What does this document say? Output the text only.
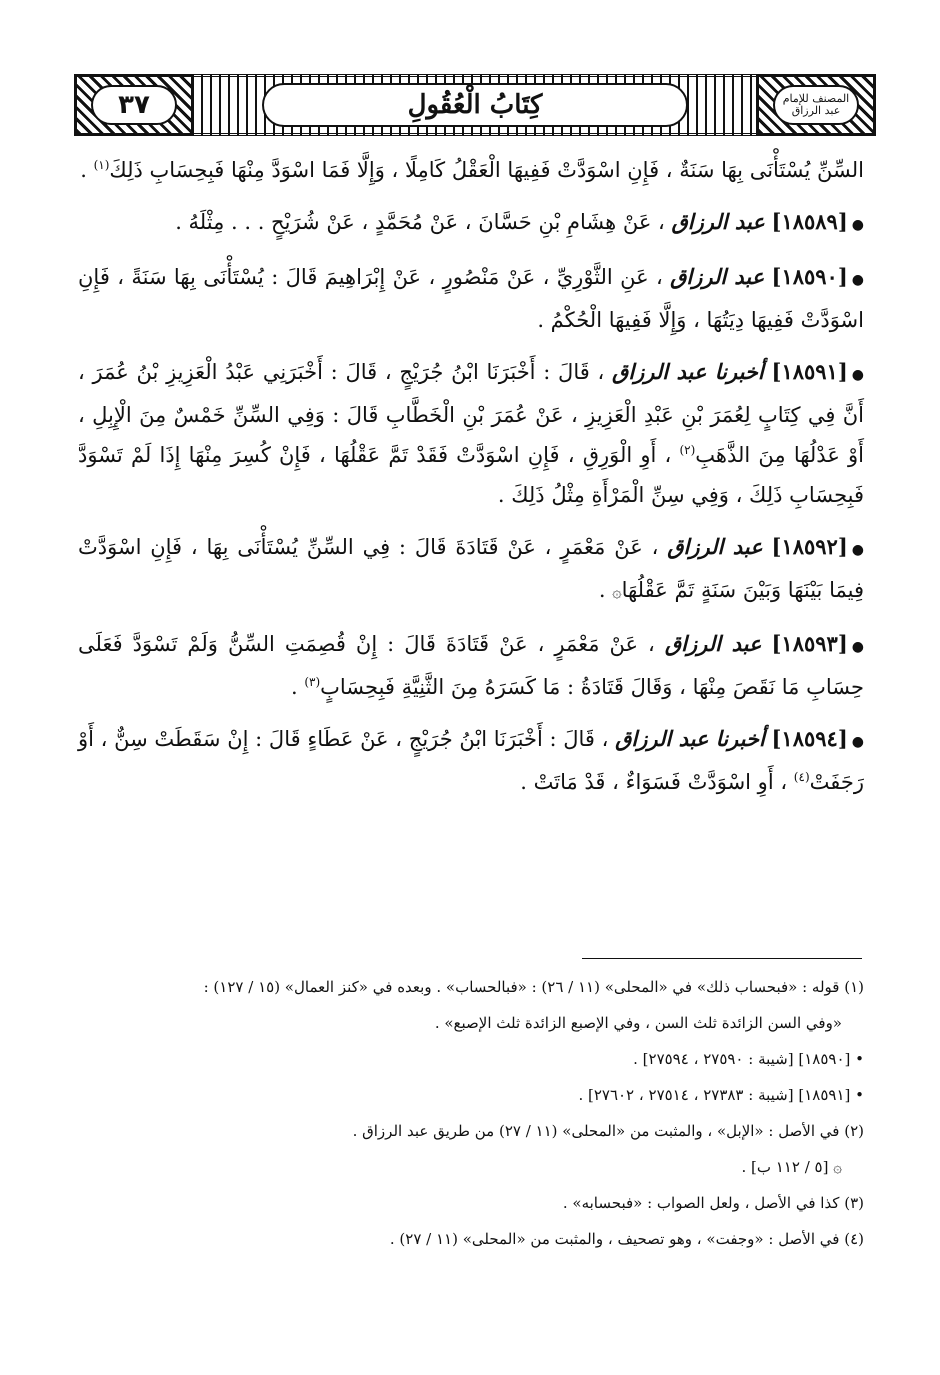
٣٧	كِتَابُ الْعُقُولِ	المصنف للإمام عبد الرزاق

السِّنِّ يُسْتَأْنَى بِهَا سَنَةٌ ، فَإِنِ اسْوَدَّتْ فَفِيهَا الْعَقْلُ كَامِلًا ، وَإِلَّا فَمَا اسْوَدَّ مِنْهَا فَبِحِسَابِ ذَلِكَ$^{(١)}$ .

●[١٨٥٨٩] عبد الرزاق ، عَنْ هِشَامِ بْنِ حَسَّانَ ، عَنْ مُحَمَّدٍ ، عَنْ شُرَيْحٍ . . . مِثْلَهُ .

●[١٨٥٩٠] عبد الرزاق ، عَنِ الثَّوْرِيِّ ، عَنْ مَنْصُورٍ ، عَنْ إِبْرَاهِيمَ قَالَ : يُسْتَأْنَى بِهَا سَنَةً ، فَإِنِ اسْوَدَّتْ فَفِيهَا دِيَتُهَا ، وَإِلَّا فَفِيهَا الْحُكْمُ .

●[١٨٥٩١] أخبرنا عبد الرزاق ، قَالَ : أَخْبَرَنَا ابْنُ جُرَيْجٍ ، قَالَ : أَخْبَرَنِي عَبْدُ الْعَزِيزِ بْنُ عُمَرَ ، أَنَّ فِي كِتَابٍ لِعُمَرَ بْنِ عَبْدِ الْعَزِيزِ ، عَنْ عُمَرَ بْنِ الْخَطَّابِ قَالَ : وَفِي السِّنِّ خَمْسٌ مِنَ الْإِبِلِ ، أَوْ عَدْلُهَا مِنَ الذَّهَبِ$^{(٢)}$ ، أَوِ الْوَرِقِ ، فَإِنِ اسْوَدَّتْ فَقَدْ تَمَّ عَقْلُهَا ، فَإِنْ كُسِرَ مِنْهَا إِذَا لَمْ تَسْوَدَّ فَبِحِسَابِ ذَلِكَ ، وَفِي سِنِّ الْمَرْأَةِ مِثْلُ ذَلِكَ .

●[١٨٥٩٢] عبد الرزاق ، عَنْ مَعْمَرٍ ، عَنْ قَتَادَةَ قَالَ : فِي السِّنِّ يُسْتَأْنَى بِهَا ، فَإِنِ اسْوَدَّتْ فِيمَا بَيْنَهَا وَبَيْنَ سَنَةٍ تَمَّ عَقْلُهَا۞ .

●[١٨٥٩٣] عبد الرزاق ، عَنْ مَعْمَرٍ ، عَنْ قَتَادَةَ قَالَ : إِنْ قُصِمَتِ السِّنُّ وَلَمْ تَسْوَدَّ فَعَلَى حِسَابِ مَا نَقَصَ مِنْهَا ، وَقَالَ قَتَادَةُ : مَا كَسَرَهُ مِنَ الثَّنِيَّةِ فَبِحِسَابٍ$^{(٣)}$ .

●[١٨٥٩٤] أخبرنا عبد الرزاق ، قَالَ : أَخْبَرَنَا ابْنُ جُرَيْجٍ ، عَنْ عَطَاءٍ قَالَ : إِنْ سَقَطَتْ سِنٌّ ، أَوْ رَجَفَتْ$^{(٤)}$ ، أَوِ اسْوَدَّتْ فَسَوَاءٌ ، قَدْ مَاتَتْ .

(١) قوله : «فبحساب ذلك» في «المحلى» (١١ / ٢٦) : «فبالحساب» . وبعده في «كنز العمال» (١٥ / ١٢٧) :

«وفي السن الزائدة ثلث السن ، وفي الإصبع الزائدة ثلث الإصبع» .

• [١٨٥٩٠] [شيبة : ٢٧٥٩٠ ، ٢٧٥٩٤] .

• [١٨٥٩١] [شيبة : ٢٧٣٨٣ ، ٢٧٥١٤ ، ٢٧٦٠٢] .

(٢) في الأصل : «الإبل» ، والمثبت من «المحلى» (١١ / ٢٧) من طريق عبد الرزاق .

۞ [٥ / ١١٢ ب] .

(٣) كذا في الأصل ، ولعل الصواب : «فبحسابه» .

(٤) في الأصل : «وجفت» ، وهو تصحيف ، والمثبت من «المحلى» (١١ / ٢٧) .
